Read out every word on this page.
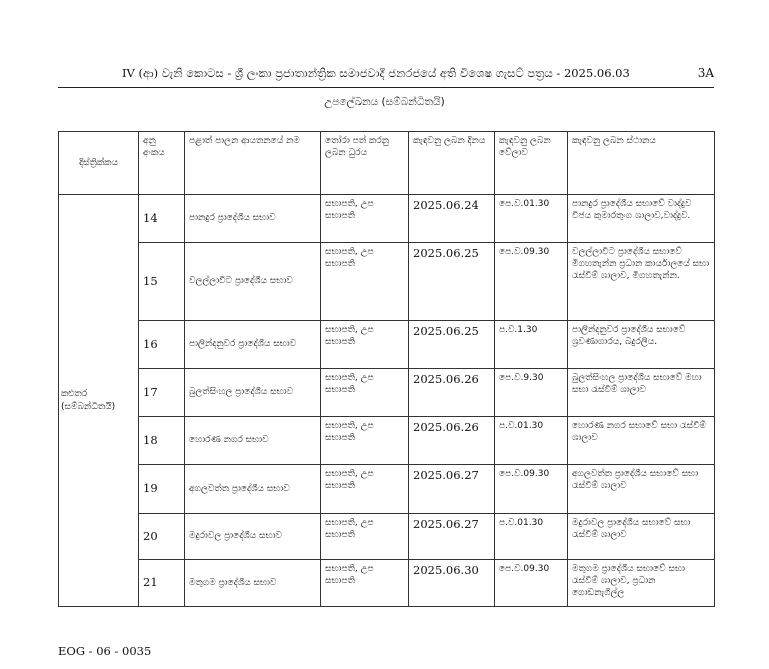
IV (ආ) වැනි කොටස - ශ්‍රී ලංකා ප්‍රජාතාන්ත්‍රික සමාජවාදී ජනරජයේ අති විශෙෂ ගැසට් පත්‍රය - 2025.06.03	3A
උපලේඛනය (සම්බන්ධිතයි)
දිස්ත්‍රික්කය	අනු අංකය	පළාත් පාලන ආයතනයේ නම	තෝරා පත් කරනු ලබන ධුරය	කැඳවනු ලබන දිනය	කැඳවනු ලබන වේලාව	කැඳවනු ලබන ස්ථානය
කළුතර (සම්බන්ධිතයි)	14	පානදුර ප්‍රාදේශීය සභාව	සභාපති, උප සභාපති	2025.06.24	පෙ.ව.01.30	පානදුර ප්‍රාදේශීය සභාවේ වාද්දුව විජය කුමාරතුංග ශාලාව,වාද්දුව.
	15	වලල්ලාවිට ප්‍රාදේශීය සභාව	සභාපති, උප සභාපති	2025.06.25	පෙ.ව.09.30	වලල්ලාවිට ප්‍රාදේශීය සභාවේ මීගහතැන්න ප්‍රධාන කාර්යාලයේ සභා රැස්වීම් ශාලාව, මීගහතැන්න.
	16	පාලින්දනුවර ප්‍රාදේශීය සභාව	සභාපති, උප සභාපති	2025.06.25	ප.ව.1.30	පාලින්දනුවර ප්‍රාදේශීය සභාවේ ශ්‍රවණාගාරය, බදුරලිය.
	17	බුලත්සිංහල ප්‍රාදේශීය සභාව	සභාපති, උප සභාපති	2025.06.26	පෙ.ව.9.30	බුලත්සිංහල ප්‍රාදේශීය සභාවේ මහා සභා රැස්වීම් ශාලාව
	18	හොරණ නගර සභාව	සභාපති, උප සභාපති	2025.06.26	ප.ව.01.30	හොරණ නගර සභාවේ සභා රැස්වීම් ශාලාව
	19	අගලවත්ත ප්‍රාදේශීය සභාව	සභාපති, උප සභාපති	2025.06.27	පෙ.ව.09.30	අගලවත්ත ප්‍රාදේශීය සභාවේ සභා රැස්වීම් ශාලාව
	20	මදුරාවල ප්‍රාදේශීය සභාව	සභාපති, උප සභාපති	2025.06.27	ප.ව.01.30	මදුරාවල ප්‍රාදේශීය සභාවේ සභා රැස්වීම් ශාලාව
	21	මතුගම ප්‍රාදේශීය සභාව	සභාපති, උප සභාපති	2025.06.30	පෙ.ව.09.30	මතුගම ප්‍රාදේශීය සභාවේ සභා රැස්වීම් ශාලාව, ප්‍රධාන ගොඩනැගිල්ල
EOG - 06 - 0035
